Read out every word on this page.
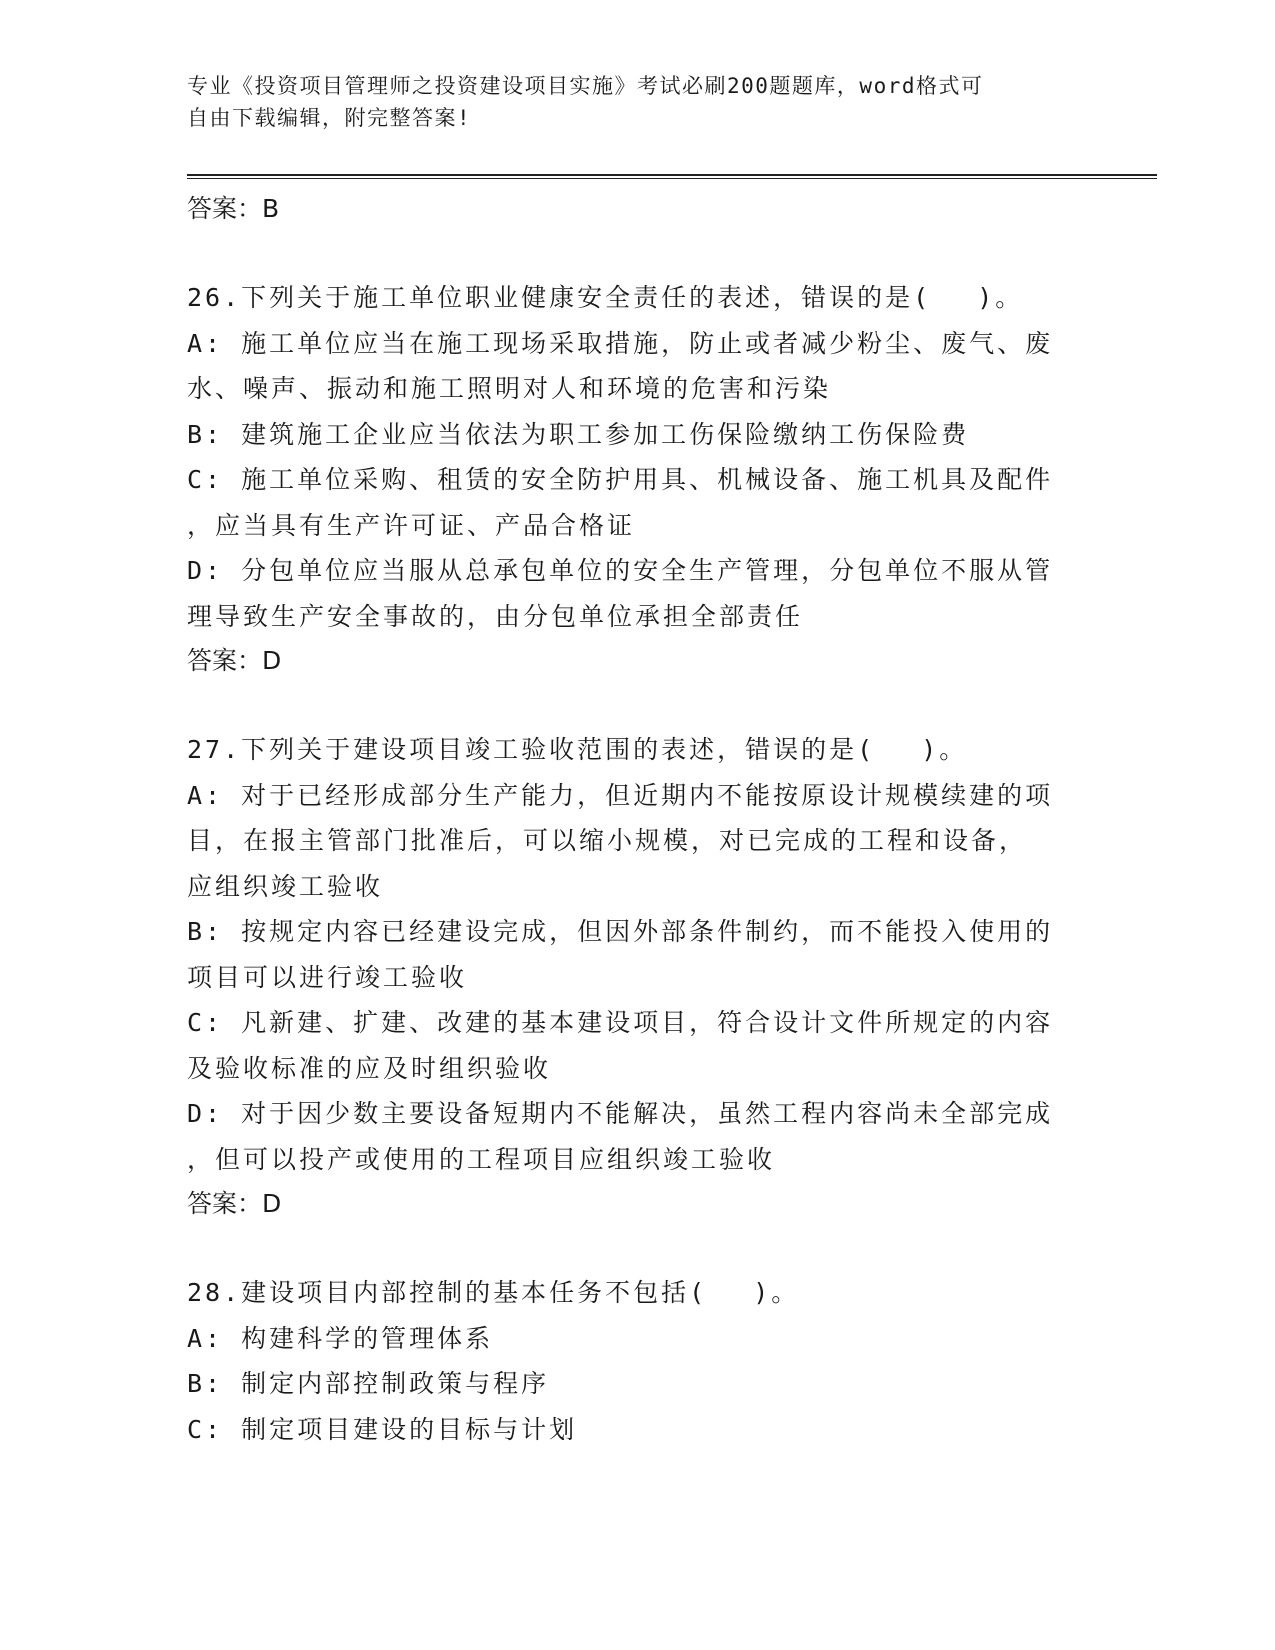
专业《投资项目管理师之投资建设项目实施》考试必刷200题题库，word格式可
自由下载编辑，附完整答案!
答案：B
26.下列关于施工单位职业健康安全责任的表述，错误的是(　 )。
A: 施工单位应当在施工现场采取措施，防止或者减少粉尘、废气、废
水、噪声、振动和施工照明对人和环境的危害和污染
B: 建筑施工企业应当依法为职工参加工伤保险缴纳工伤保险费
C: 施工单位采购、租赁的安全防护用具、机械设备、施工机具及配件
，应当具有生产许可证、产品合格证
D: 分包单位应当服从总承包单位的安全生产管理，分包单位不服从管
理导致生产安全事故的，由分包单位承担全部责任
答案：D
27.下列关于建设项目竣工验收范围的表述，错误的是(　 )。
A: 对于已经形成部分生产能力，但近期内不能按原设计规模续建的项
目，在报主管部门批准后，可以缩小规模，对已完成的工程和设备，
应组织竣工验收
B: 按规定内容已经建设完成，但因外部条件制约，而不能投入使用的
项目可以进行竣工验收
C: 凡新建、扩建、改建的基本建设项目，符合设计文件所规定的内容
及验收标准的应及时组织验收
D: 对于因少数主要设备短期内不能解决，虽然工程内容尚未全部完成
，但可以投产或使用的工程项目应组织竣工验收
答案：D
28.建设项目内部控制的基本任务不包括(　 )。
A: 构建科学的管理体系
B: 制定内部控制政策与程序
C: 制定项目建设的目标与计划
